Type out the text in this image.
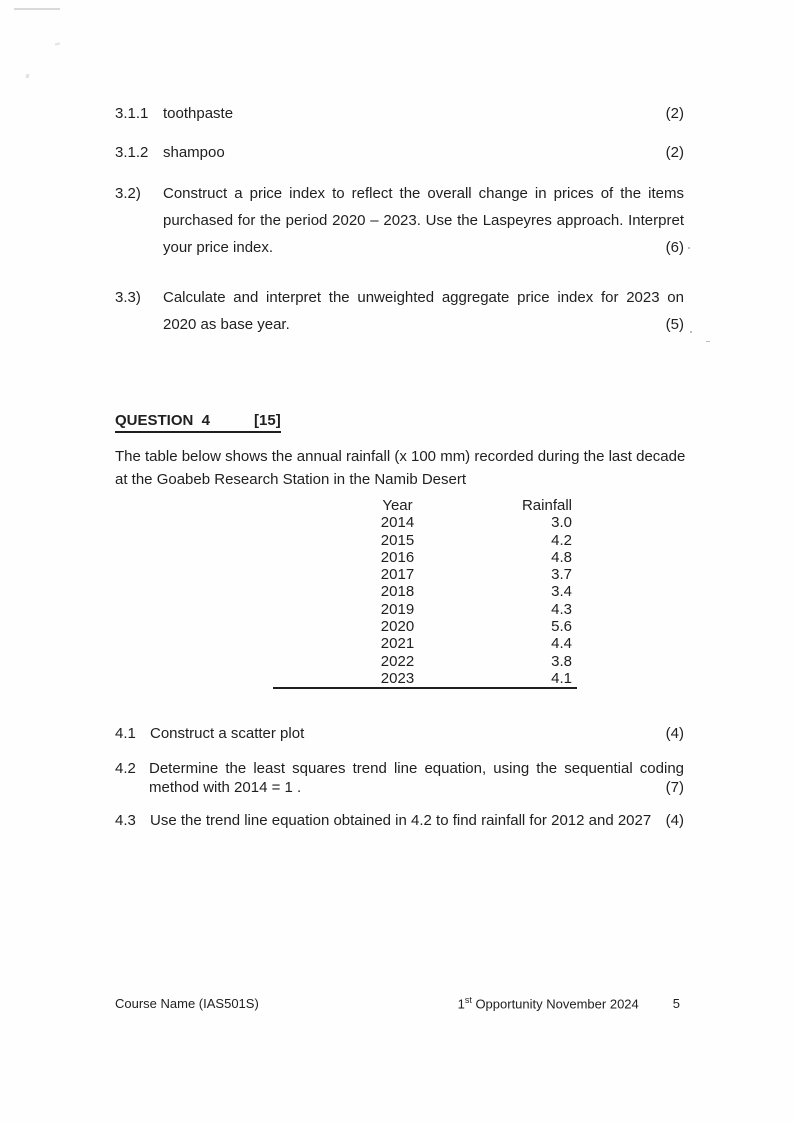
3.1.1 toothpaste	(2)
3.1.2 shampoo	(2)
3.2)	Construct a price index to reflect the overall change in prices of the items purchased for the period 2020 – 2023. Use the Laspeyres approach. Interpret your price index.	(6)
3.3)	Calculate and interpret the unweighted aggregate price index for 2023 on 2020 as base year.	(5)
QUESTION  4	[15]
The table below shows the annual rainfall (x 100 mm) recorded during the last decade at the Goabeb Research Station in the Namib Desert
Year	Rainfall
2014	3.0
2015	4.2
2016	4.8
2017	3.7
2018	3.4
2019	4.3
2020	5.6
2021	4.4
2022	3.8
2023	4.1
4.1 Construct a scatter plot	(4)
4.2 Determine the least squares trend line equation, using the sequential coding method with 2014 = 1 .	(7)
4.3 Use the trend line equation obtained in 4.2 to find rainfall for 2012 and 2027 (4)
Course Name (IAS501S)	1st Opportunity November 2024	5
